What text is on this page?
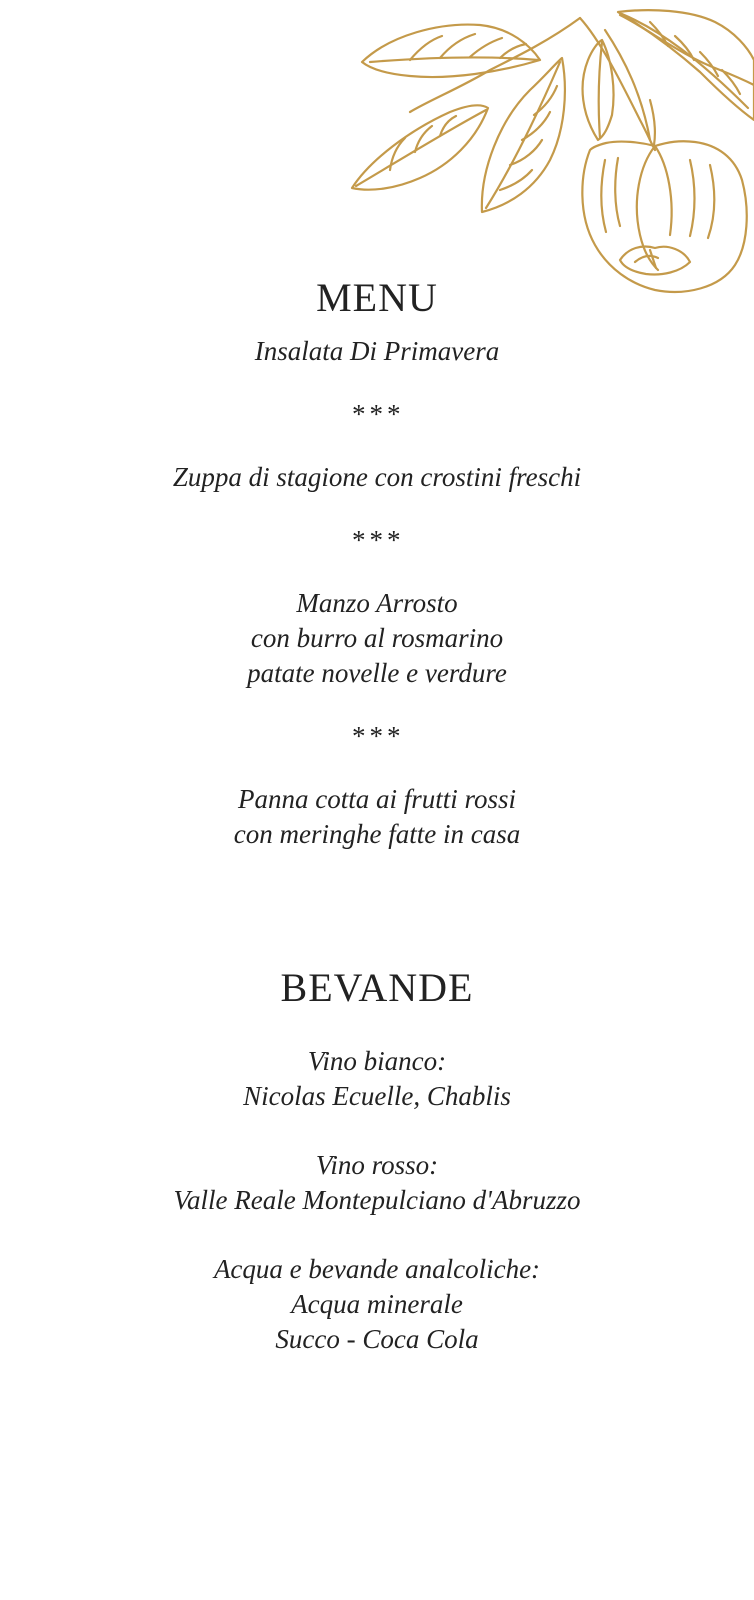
MENU

Insalata Di Primavera

***

Zuppa di stagione con crostini freschi

***

Manzo Arrosto
con burro al rosmarino
patate novelle e verdure

***

Panna cotta ai frutti rossi
con meringhe fatte in casa

BEVANDE

Vino bianco:
Nicolas Ecuelle, Chablis

Vino rosso:
Valle Reale Montepulciano d'Abruzzo

Acqua e bevande analcoliche:
Acqua minerale
Succo - Coca Cola
